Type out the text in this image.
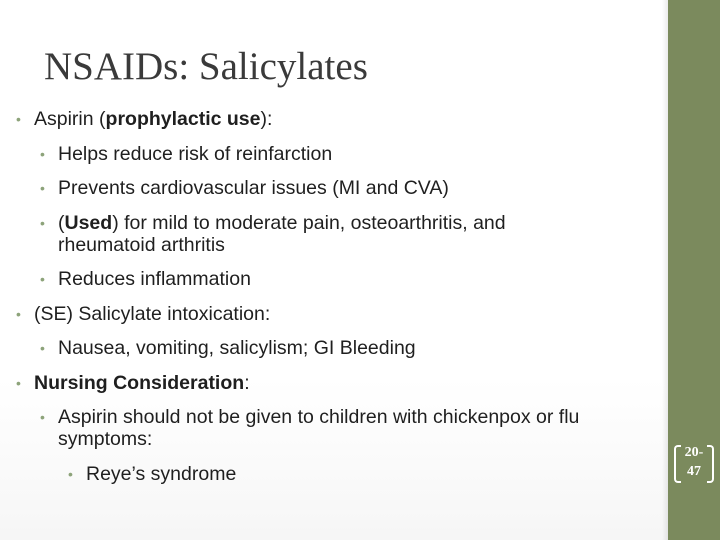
NSAIDs: Salicylates
• Aspirin (prophylactic use):
• Helps reduce risk of reinfarction
• Prevents cardiovascular issues (MI and CVA)
• (Used) for mild to moderate pain, osteoarthritis, and rheumatoid arthritis
• Reduces inflammation
• (SE) Salicylate intoxication:
• Nausea, vomiting, salicylism; GI Bleeding
• Nursing Consideration:
• Aspirin should not be given to children with chickenpox or flu symptoms:
• Reye’s syndrome
20-
47
